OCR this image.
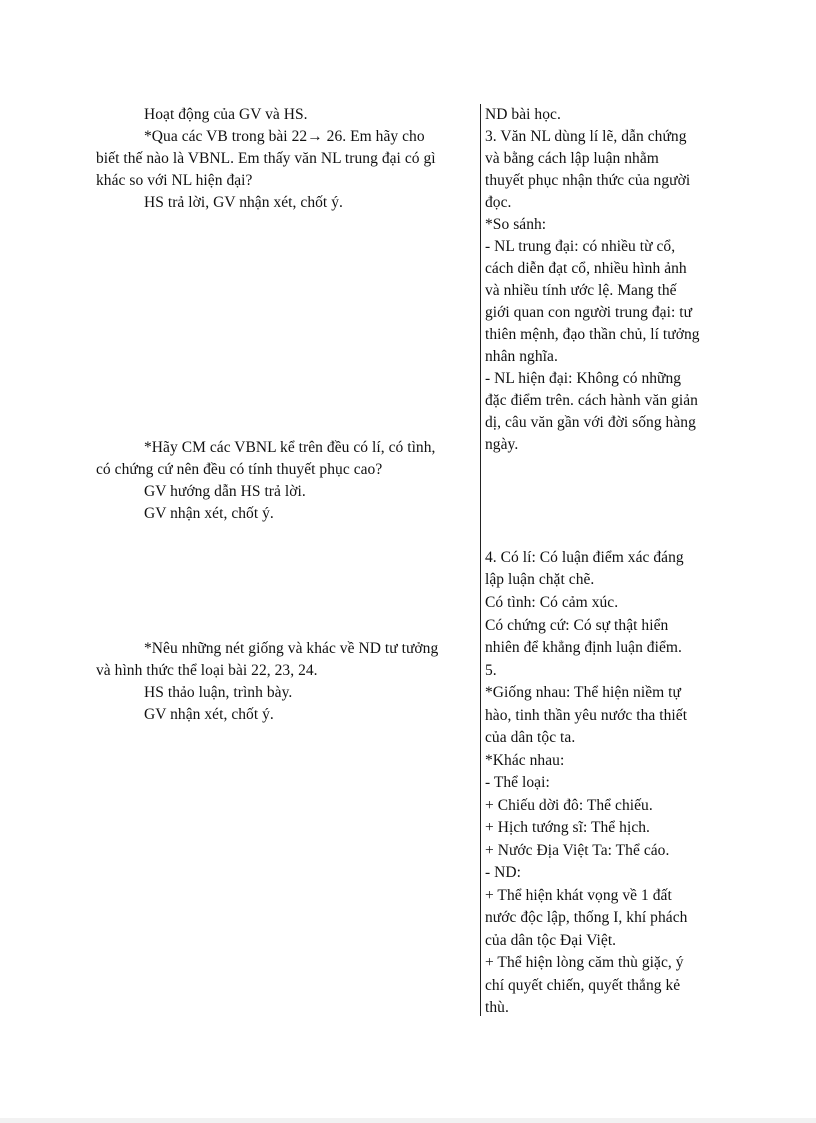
Hoạt động của GV và HS.

*Qua các VB trong bài 22→ 26. Em hãy cho

biết thế nào là VBNL. Em thấy văn NL trung đại có gì

khác so với NL hiện đại?

HS trả lời, GV nhận xét, chốt ý.

*Hãy CM các VBNL kể trên đều có lí, có tình,

có chứng cứ nên đều có tính thuyết phục cao?

GV hướng dẫn HS trả lời.

GV nhận xét, chốt ý.

*Nêu những nét giống và khác về ND tư tưởng

và hình thức thể loại bài 22, 23, 24.

HS thảo luận, trình bày.

GV nhận xét, chốt ý.

ND bài học.

3. Văn NL dùng lí lẽ, dẫn chứng

và bằng cách lập luận nhằm

thuyết phục nhận thức của người

đọc.

*So sánh:

- NL trung đại: có nhiều từ cổ,

cách diễn đạt cổ, nhiều hình ảnh

và nhiều tính ước lệ. Mang thế

giới quan con người trung đại: tư

thiên mệnh, đạo thần chủ, lí tưởng

nhân nghĩa.

- NL hiện đại: Không có những

đặc điểm trên. cách hành văn giản

dị, câu văn gần với đời sống hàng

ngày.

4. Có lí: Có luận điểm xác đáng

lập luận chặt chẽ.

Có tình: Có cảm xúc.

Có chứng cứ: Có sự thật hiển

nhiên để khẳng định luận điểm.

5.

*Giống nhau: Thể hiện niềm tự

hào, tinh thần yêu nước tha thiết

của dân tộc ta.

*Khác nhau:

- Thể loại:

+ Chiếu dời đô: Thể chiếu.

+ Hịch tướng sĩ: Thể hịch.

+ Nước Địa Việt Ta: Thể cáo.

- ND:

+ Thể hiện khát vọng về 1 đất

nước độc lập, thống I, khí phách

của dân tộc Đại Việt.

+ Thể hiện lòng căm thù giặc, ý

chí quyết chiến, quyết thắng kẻ

thù.
